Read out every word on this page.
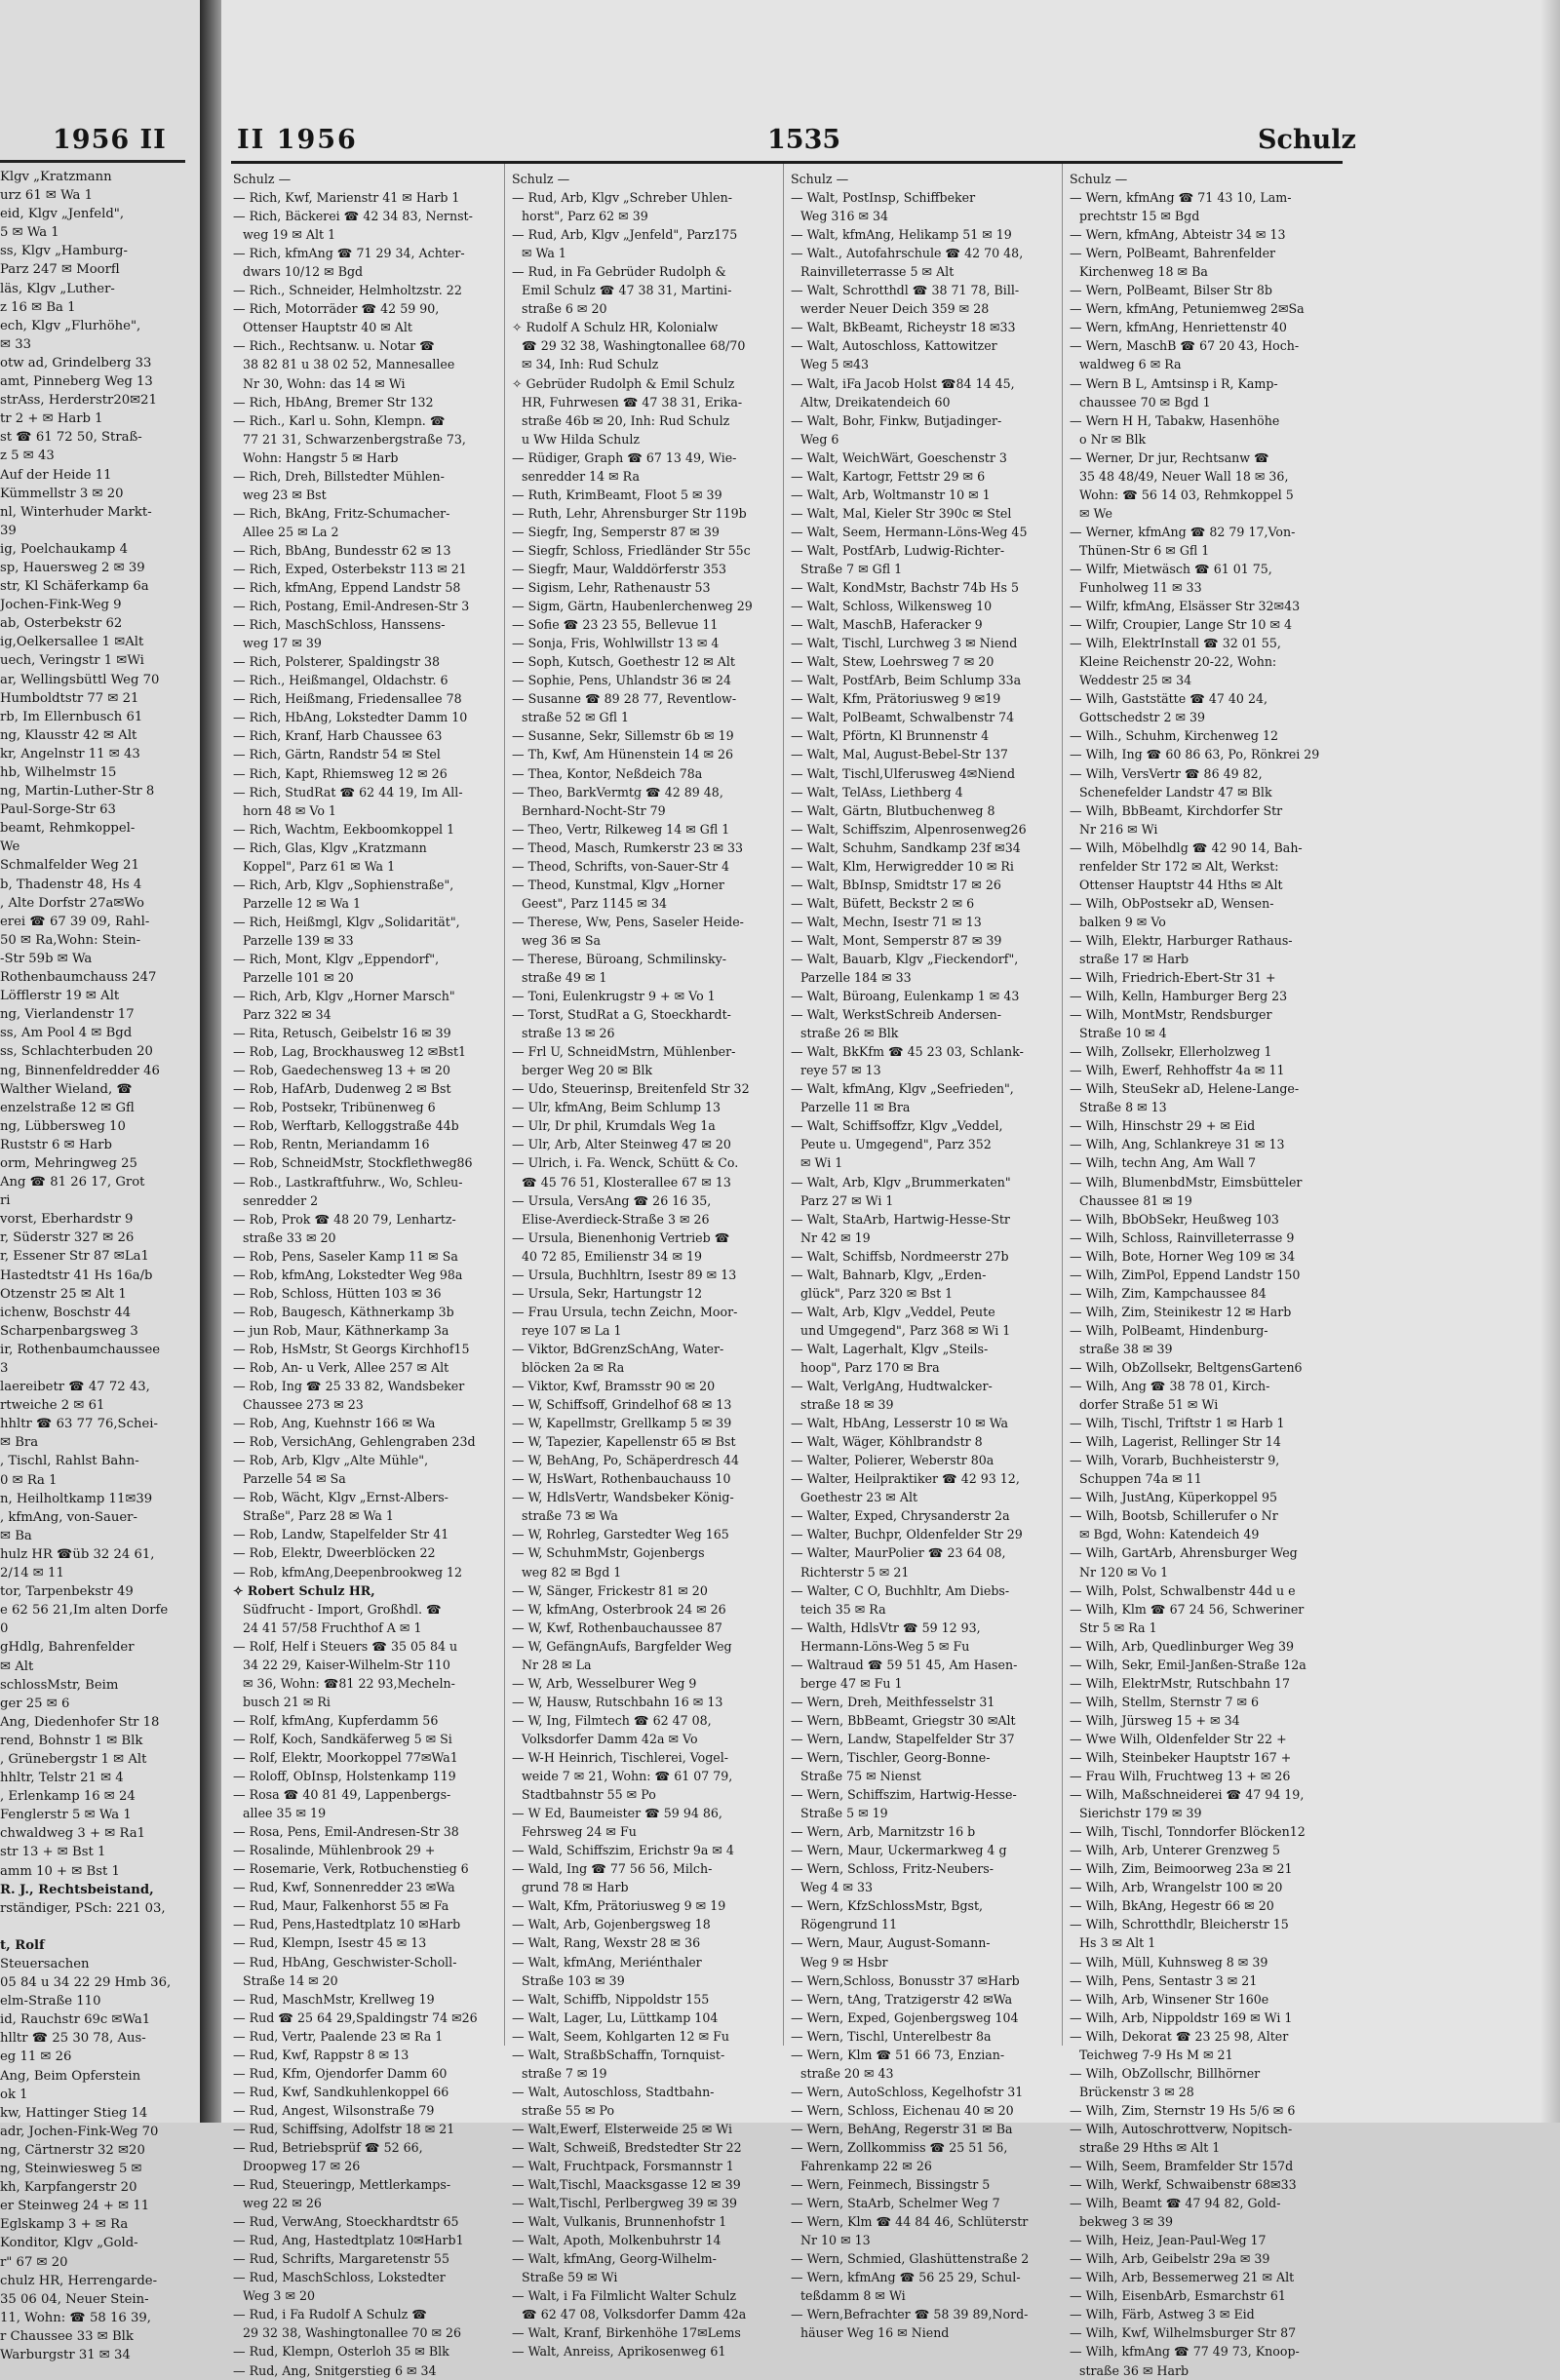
1956 II
Klgv „Kratzmann
urz 61 ✉ Wa 1
eid, Klgv „Jenfeld",
5 ✉ Wa 1
ss, Klgv „Hamburg-
Parz 247 ✉ Moorfl
läs, Klgv „Luther-
z 16 ✉ Ba 1
ech, Klgv „Flurhöhe",
✉ 33
otw ad, Grindelberg 33
amt, Pinneberg Weg 13
strAss, Herderstr20✉21
tr 2 + ✉ Harb 1
st ☎ 61 72 50, Straß-
z 5 ✉ 43
Auf der Heide 11
Kümmellstr 3 ✉ 20
nl, Winterhuder Markt-
39
ig, Poelchaukamp 4
sp, Hauersweg 2 ✉ 39
str, Kl Schäferkamp 6a
Jochen-Fink-Weg 9
ab, Osterbekstr 62
ig,Oelkersallee 1 ✉Alt
uech, Veringstr 1 ✉Wi
ar, Wellingsbüttl Weg 70
Humboldtstr 77 ✉ 21
rb, Im Ellernbusch 61
ng, Klausstr 42 ✉ Alt
kr, Angelnstr 11 ✉ 43
hb, Wilhelmstr 15
ng, Martin-Luther-Str 8
Paul-Sorge-Str 63
beamt, Rehmkoppel-
We
Schmalfelder Weg 21
b, Thadenstr 48, Hs 4
, Alte Dorfstr 27a✉Wo
erei ☎ 67 39 09, Rahl-
50 ✉ Ra,Wohn: Stein-
-Str 59b ✉ Wa
Rothenbaumchauss 247
Löfflerstr 19 ✉ Alt
ng, Vierlandenstr 17
ss, Am Pool 4 ✉ Bgd
ss, Schlachterbuden 20
ng, Binnenfeldredder 46
Walther Wieland, ☎
enzelstraße 12 ✉ Gfl
ng, Lübbersweg 10
Ruststr 6 ✉ Harb
orm, Mehringweg 25
Ang ☎ 81 26 17, Grot
ri
vorst, Eberhardstr 9
r, Süderstr 327 ✉ 26
r, Essener Str 87 ✉La1
Hastedtstr 41 Hs 16a/b
Otzenstr 25 ✉ Alt 1
ichenw, Boschstr 44
Scharpenbargsweg 3
ir, Rothenbaumchaussee
3
laereibetr ☎ 47 72 43,
rtweiche 2 ✉ 61
hhltr ☎ 63 77 76,Schei-
✉ Bra
, Tischl, Rahlst Bahn-
0 ✉ Ra 1
n, Heilholtkamp 11✉39
, kfmAng, von-Sauer-
✉ Ba
hulz HR ☎üb 32 24 61,
2/14 ✉ 11
tor, Tarpenbekstr 49
e 62 56 21,Im alten Dorfe
0
gHdlg, Bahrenfelder
✉ Alt
schlossMstr, Beim
ger 25 ✉ 6
Ang, Diedenhofer Str 18
rend, Bohnstr 1 ✉ Blk
, Grünebergstr 1 ✉ Alt
hhltr, Telstr 21 ✉ 4
, Erlenkamp 16 ✉ 24
Fenglerstr 5 ✉ Wa 1
chwaldweg 3 + ✉ Ra1
str 13 + ✉ Bst 1
amm 10 + ✉ Bst 1
R. J., Rechtsbeistand,
rständiger, PSch: 221 03,

t, Rolf
Steuersachen
05 84 u 34 22 29 Hmb 36,
elm-Straße 110
id, Rauchstr 69c ✉Wa1
hlltr ☎ 25 30 78, Aus-
eg 11 ✉ 26
Ang, Beim Opferstein
ok 1
kw, Hattinger Stieg 14
adr, Jochen-Fink-Weg 70
ng, Cärtnerstr 32 ✉20
ng, Steinwiesweg 5 ✉
kh, Karpfangerstr 20
er Steinweg 24 + ✉ 11
Eglskamp 3 + ✉ Ra
Konditor, Klgv „Gold-
r" 67 ✉ 20
chulz HR, Herrengarde-
35 06 04, Neuer Stein-
11, Wohn: ☎ 58 16 39,
r Chaussee 33 ✉ Blk
Warburgstr 31 ✉ 34
II 1956	1535	Schulz
Schulz —
— Rich, Kwf, Marienstr 41 ✉ Harb 1
— Rich, Bäckerei ☎ 42 34 83, Nernst-
weg 19 ✉ Alt 1
— Rich, kfmAng ☎ 71 29 34, Achter-
dwars 10/12 ✉ Bgd
— Rich., Schneider, Helmholtzstr. 22
— Rich, Motorräder ☎ 42 59 90,
Ottenser Hauptstr 40 ✉ Alt
— Rich., Rechtsanw. u. Notar ☎
38 82 81 u 38 02 52, Mannesallee
Nr 30, Wohn: das 14 ✉ Wi
— Rich, HbAng, Bremer Str 132
— Rich., Karl u. Sohn, Klempn. ☎
77 21 31, Schwarzenbergstraße 73,
Wohn: Hangstr 5 ✉ Harb
— Rich, Dreh, Billstedter Mühlen-
weg 23 ✉ Bst
— Rich, BkAng, Fritz-Schumacher-
Allee 25 ✉ La 2
— Rich, BbAng, Bundesstr 62 ✉ 13
— Rich, Exped, Osterbekstr 113 ✉ 21
— Rich, kfmAng, Eppend Landstr 58
— Rich, Postang, Emil-Andresen-Str 3
— Rich, MaschSchloss, Hanssens-
weg 17 ✉ 39
— Rich, Polsterer, Spaldingstr 38
— Rich., Heißmangel, Oldachstr. 6
— Rich, Heißmang, Friedensallee 78
— Rich, HbAng, Lokstedter Damm 10
— Rich, Kranf, Harb Chaussee 63
— Rich, Gärtn, Randstr 54 ✉ Stel
— Rich, Kapt, Rhiemsweg 12 ✉ 26
— Rich, StudRat ☎ 62 44 19, Im All-
horn 48 ✉ Vo 1
— Rich, Wachtm, Eekboomkoppel 1
— Rich, Glas, Klgv „Kratzmann
Koppel", Parz 61 ✉ Wa 1
— Rich, Arb, Klgv „Sophienstraße",
Parzelle 12 ✉ Wa 1
— Rich, Heißmgl, Klgv „Solidarität",
Parzelle 139 ✉ 33
— Rich, Mont, Klgv „Eppendorf",
Parzelle 101 ✉ 20
— Rich, Arb, Klgv „Horner Marsch"
Parz 322 ✉ 34
— Rita, Retusch, Geibelstr 16 ✉ 39
— Rob, Lag, Brockhausweg 12 ✉Bst1
— Rob, Gaedechensweg 13 + ✉ 20
— Rob, HafArb, Dudenweg 2 ✉ Bst
— Rob, Postsekr, Tribünenweg 6
— Rob, Werftarb, Kelloggstraße 44b
— Rob, Rentn, Meriandamm 16
— Rob, SchneidMstr, Stockflethweg86
— Rob., Lastkraftfuhrw., Wo, Schleu-
senredder 2
— Rob, Prok ☎ 48 20 79, Lenhartz-
straße 33 ✉ 20
— Rob, Pens, Saseler Kamp 11 ✉ Sa
— Rob, kfmAng, Lokstedter Weg 98a
— Rob, Schloss, Hütten 103 ✉ 36
— Rob, Baugesch, Käthnerkamp 3b
— jun Rob, Maur, Käthnerkamp 3a
— Rob, HsMstr, St Georgs Kirchhof15
— Rob, An- u Verk, Allee 257 ✉ Alt
— Rob, Ing ☎ 25 33 82, Wandsbeker
Chaussee 273 ✉ 23
— Rob, Ang, Kuehnstr 166 ✉ Wa
— Rob, VersichAng, Gehlengraben 23d
— Rob, Arb, Klgv „Alte Mühle",
Parzelle 54 ✉ Sa
— Rob, Wächt, Klgv „Ernst-Albers-
Straße", Parz 28 ✉ Wa 1
— Rob, Landw, Stapelfelder Str 41
— Rob, Elektr, Dweerblöcken 22
— Rob, kfmAng,Deepenbrookweg 12
✧ Robert Schulz HR,
Südfrucht - Import, Großhdl. ☎
24 41 57/58 Fruchthof A ✉ 1
— Rolf, Helf i Steuers ☎ 35 05 84 u
34 22 29, Kaiser-Wilhelm-Str 110
✉ 36, Wohn: ☎81 22 93,Mecheln-
busch 21 ✉ Ri
— Rolf, kfmAng, Kupferdamm 56
— Rolf, Koch, Sandkäferweg 5 ✉ Si
— Rolf, Elektr, Moorkoppel 77✉Wa1
— Roloff, ObInsp, Holstenkamp 119
— Rosa ☎ 40 81 49, Lappenbergs-
allee 35 ✉ 19
— Rosa, Pens, Emil-Andresen-Str 38
— Rosalinde, Mühlenbrook 29 +
— Rosemarie, Verk, Rotbuchenstieg 6
— Rud, Kwf, Sonnenredder 23 ✉Wa
— Rud, Maur, Falkenhorst 55 ✉ Fa
— Rud, Pens,Hastedtplatz 10 ✉Harb
— Rud, Klempn, Isestr 45 ✉ 13
— Rud, HbAng, Geschwister-Scholl-
Straße 14 ✉ 20
— Rud, MaschMstr, Krellweg 19
— Rud ☎ 25 64 29,Spaldingstr 74 ✉26
— Rud, Vertr, Paalende 23 ✉ Ra 1
— Rud, Kwf, Rappstr 8 ✉ 13
— Rud, Kfm, Ojendorfer Damm 60
— Rud, Kwf, Sandkuhlenkoppel 66
— Rud, Angest, Wilsonstraße 79
— Rud, Schiffsing, Adolfstr 18 ✉ 21
— Rud, Betriebsprüf ☎ 52 66,
Droopweg 17 ✉ 26
— Rud, Steueringp, Mettlerkamps-
weg 22 ✉ 26
— Rud, VerwAng, Stoeckhardtstr 65
— Rud, Ang, Hastedtplatz 10✉Harb1
— Rud, Schrifts, Margaretenstr 55
— Rud, MaschSchloss, Lokstedter
Weg 3 ✉ 20
— Rud, i Fa Rudolf A Schulz ☎
29 32 38, Washingtonallee 70 ✉ 26
— Rud, Klempn, Osterloh 35 ✉ Blk
— Rud, Ang, Snitgerstieg 6 ✉ 34
Schulz —
— Rud, Arb, Klgv „Schreber Uhlen-
horst", Parz 62 ✉ 39
— Rud, Arb, Klgv „Jenfeld", Parz175
✉ Wa 1
— Rud, in Fa Gebrüder Rudolph &
Emil Schulz ☎ 47 38 31, Martini-
straße 6 ✉ 20
✧ Rudolf A Schulz HR, Kolonialw
☎ 29 32 38, Washingtonallee 68/70
✉ 34, Inh: Rud Schulz
✧ Gebrüder Rudolph & Emil Schulz
HR, Fuhrwesen ☎ 47 38 31, Erika-
straße 46b ✉ 20, Inh: Rud Schulz
u Ww Hilda Schulz
— Rüdiger, Graph ☎ 67 13 49, Wie-
senredder 14 ✉ Ra
— Ruth, KrimBeamt, Floot 5 ✉ 39
— Ruth, Lehr, Ahrensburger Str 119b
— Siegfr, Ing, Semperstr 87 ✉ 39
— Siegfr, Schloss, Friedländer Str 55c
— Siegfr, Maur, Walddörferstr 353
— Sigism, Lehr, Rathenaustr 53
— Sigm, Gärtn, Haubenlerchenweg 29
— Sofie ☎ 23 23 55, Bellevue 11
— Sonja, Fris, Wohlwillstr 13 ✉ 4
— Soph, Kutsch, Goethestr 12 ✉ Alt
— Sophie, Pens, Uhlandstr 36 ✉ 24
— Susanne ☎ 89 28 77, Reventlow-
straße 52 ✉ Gfl 1
— Susanne, Sekr, Sillemstr 6b ✉ 19
— Th, Kwf, Am Hünenstein 14 ✉ 26
— Thea, Kontor, Neßdeich 78a
— Theo, BarkVermtg ☎ 42 89 48,
Bernhard-Nocht-Str 79
— Theo, Vertr, Rilkeweg 14 ✉ Gfl 1
— Theod, Masch, Rumkerstr 23 ✉ 33
— Theod, Schrifts, von-Sauer-Str 4
— Theod, Kunstmal, Klgv „Horner
Geest", Parz 1145 ✉ 34
— Therese, Ww, Pens, Saseler Heide-
weg 36 ✉ Sa
— Therese, Büroang, Schmilinsky-
straße 49 ✉ 1
— Toni, Eulenkrugstr 9 + ✉ Vo 1
— Torst, StudRat a G, Stoeckhardt-
straße 13 ✉ 26
— Frl U, SchneidMstrn, Mühlenber-
berger Weg 20 ✉ Blk
— Udo, Steuerinsp, Breitenfeld Str 32
— Ulr, kfmAng, Beim Schlump 13
— Ulr, Dr phil, Krumdals Weg 1a
— Ulr, Arb, Alter Steinweg 47 ✉ 20
— Ulrich, i. Fa. Wenck, Schütt & Co.
☎ 45 76 51, Klosterallee 67 ✉ 13
— Ursula, VersAng ☎ 26 16 35,
Elise-Averdieck-Straße 3 ✉ 26
— Ursula, Bienenhonig Vertrieb ☎
40 72 85, Emilienstr 34 ✉ 19
— Ursula, Buchhltrn, Isestr 89 ✉ 13
— Ursula, Sekr, Hartungstr 12
— Frau Ursula, techn Zeichn, Moor-
reye 107 ✉ La 1
— Viktor, BdGrenzSchAng, Water-
blöcken 2a ✉ Ra
— Viktor, Kwf, Bramsstr 90 ✉ 20
— W, Schiffsoff, Grindelhof 68 ✉ 13
— W, Kapellmstr, Grellkamp 5 ✉ 39
— W, Tapezier, Kapellenstr 65 ✉ Bst
— W, BehAng, Po, Schäperdresch 44
— W, HsWart, Rothenbauchauss 10
— W, HdlsVertr, Wandsbeker König-
straße 73 ✉ Wa
— W, Rohrleg, Garstedter Weg 165
— W, SchuhmMstr, Gojenbergs
weg 82 ✉ Bgd 1
— W, Sänger, Frickestr 81 ✉ 20
— W, kfmAng, Osterbrook 24 ✉ 26
— W, Kwf, Rothenbauchaussee 87
— W, GefängnAufs, Bargfelder Weg
Nr 28 ✉ La
— W, Arb, Wesselburer Weg 9
— W, Hausw, Rutschbahn 16 ✉ 13
— W, Ing, Filmtech ☎ 62 47 08,
Volksdorfer Damm 42a ✉ Vo
— W-H Heinrich, Tischlerei, Vogel-
weide 7 ✉ 21, Wohn: ☎ 61 07 79,
Stadtbahnstr 55 ✉ Po
— W Ed, Baumeister ☎ 59 94 86,
Fehrsweg 24 ✉ Fu
— Wald, Schiffszim, Erichstr 9a ✉ 4
— Wald, Ing ☎ 77 56 56, Milch-
grund 78 ✉ Harb
— Walt, Kfm, Prätoriusweg 9 ✉ 19
— Walt, Arb, Gojenbergsweg 18
— Walt, Rang, Wexstr 28 ✉ 36
— Walt, kfmAng, Meriénthaler
Straße 103 ✉ 39
— Walt, Schiffb, Nippoldstr 155
— Walt, Lager, Lu, Lüttkamp 104
— Walt, Seem, Kohlgarten 12 ✉ Fu
— Walt, StraßbSchaffn, Tornquist-
straße 7 ✉ 19
— Walt, Autoschloss, Stadtbahn-
straße 55 ✉ Po
— Walt,Ewerf, Elsterweide 25 ✉ Wi
— Walt, Schweiß, Bredstedter Str 22
— Walt, Fruchtpack, Forsmannstr 1
— Walt,Tischl, Maacksgasse 12 ✉ 39
— Walt,Tischl, Perlbergweg 39 ✉ 39
— Walt, Vulkanis, Brunnenhofstr 1
— Walt, Apoth, Molkenbuhrstr 14
— Walt, kfmAng, Georg-Wilhelm-
Straße 59 ✉ Wi
— Walt, i Fa Filmlicht Walter Schulz
☎ 62 47 08, Volksdorfer Damm 42a
— Walt, Kranf, Birkenhöhe 17✉Lems
— Walt, Anreiss, Aprikosenweg 61
Schulz —
— Walt, PostInsp, Schiffbeker
Weg 316 ✉ 34
— Walt, kfmAng, Helikamp 51 ✉ 19
— Walt., Autofahrschule ☎ 42 70 48,
Rainvilleterrasse 5 ✉ Alt
— Walt, Schrotthdl ☎ 38 71 78, Bill-
werder Neuer Deich 359 ✉ 28
— Walt, BkBeamt, Richeystr 18 ✉33
— Walt, Autoschloss, Kattowitzer
Weg 5 ✉43
— Walt, iFa Jacob Holst ☎84 14 45,
Altw, Dreikatendeich 60
— Walt, Bohr, Finkw, Butjadinger-
Weg 6
— Walt, WeichWärt, Goeschenstr 3
— Walt, Kartogr, Fettstr 29 ✉ 6
— Walt, Arb, Woltmanstr 10 ✉ 1
— Walt, Mal, Kieler Str 390c ✉ Stel
— Walt, Seem, Hermann-Löns-Weg 45
— Walt, PostfArb, Ludwig-Richter-
Straße 7 ✉ Gfl 1
— Walt, KondMstr, Bachstr 74b Hs 5
— Walt, Schloss, Wilkensweg 10
— Walt, MaschB, Haferacker 9
— Walt, Tischl, Lurchweg 3 ✉ Niend
— Walt, Stew, Loehrsweg 7 ✉ 20
— Walt, PostfArb, Beim Schlump 33a
— Walt, Kfm, Prätoriusweg 9 ✉19
— Walt, PolBeamt, Schwalbenstr 74
— Walt, Pförtn, Kl Brunnenstr 4
— Walt, Mal, August-Bebel-Str 137
— Walt, Tischl,Ulferusweg 4✉Niend
— Walt, TelAss, Liethberg 4
— Walt, Gärtn, Blutbuchenweg 8
— Walt, Schiffszim, Alpenrosenweg26
— Walt, Schuhm, Sandkamp 23f ✉34
— Walt, Klm, Herwigredder 10 ✉ Ri
— Walt, BbInsp, Smidtstr 17 ✉ 26
— Walt, Büfett, Beckstr 2 ✉ 6
— Walt, Mechn, Isestr 71 ✉ 13
— Walt, Mont, Semperstr 87 ✉ 39
— Walt, Bauarb, Klgv „Fieckendorf",
Parzelle 184 ✉ 33
— Walt, Büroang, Eulenkamp 1 ✉ 43
— Walt, WerkstSchreib Andersen-
straße 26 ✉ Blk
— Walt, BkKfm ☎ 45 23 03, Schlank-
reye 57 ✉ 13
— Walt, kfmAng, Klgv „Seefrieden",
Parzelle 11 ✉ Bra
— Walt, Schiffsoffzr, Klgv „Veddel,
Peute u. Umgegend", Parz 352
✉ Wi 1
— Walt, Arb, Klgv „Brummerkaten"
Parz 27 ✉ Wi 1
— Walt, StaArb, Hartwig-Hesse-Str
Nr 42 ✉ 19
— Walt, Schiffsb, Nordmeerstr 27b
— Walt, Bahnarb, Klgv, „Erden-
glück", Parz 320 ✉ Bst 1
— Walt, Arb, Klgv „Veddel, Peute
und Umgegend", Parz 368 ✉ Wi 1
— Walt, Lagerhalt, Klgv „Steils-
hoop", Parz 170 ✉ Bra
— Walt, VerlgAng, Hudtwalcker-
straße 18 ✉ 39
— Walt, HbAng, Lesserstr 10 ✉ Wa
— Walt, Wäger, Köhlbrandstr 8
— Walter, Polierer, Weberstr 80a
— Walter, Heilpraktiker ☎ 42 93 12,
Goethestr 23 ✉ Alt
— Walter, Exped, Chrysanderstr 2a
— Walter, Buchpr, Oldenfelder Str 29
— Walter, MaurPolier ☎ 23 64 08,
Richterstr 5 ✉ 21
— Walter, C O, Buchhltr, Am Diebs-
teich 35 ✉ Ra
— Walth, HdlsVtr ☎ 59 12 93,
Hermann-Löns-Weg 5 ✉ Fu
— Waltraud ☎ 59 51 45, Am Hasen-
berge 47 ✉ Fu 1
— Wern, Dreh, Meithfesselstr 31
— Wern, BbBeamt, Griegstr 30 ✉Alt
— Wern, Landw, Stapelfelder Str 37
— Wern, Tischler, Georg-Bonne-
Straße 75 ✉ Nienst
— Wern, Schiffszim, Hartwig-Hesse-
Straße 5 ✉ 19
— Wern, Arb, Marnitzstr 16 b
— Wern, Maur, Uckermarkweg 4 g
— Wern, Schloss, Fritz-Neubers-
Weg 4 ✉ 33
— Wern, KfzSchlossMstr, Bgst,
Rögengrund 11
— Wern, Maur, August-Somann-
Weg 9 ✉ Hsbr
— Wern,Schloss, Bonusstr 37 ✉Harb
— Wern, tAng, Tratzigerstr 42 ✉Wa
— Wern, Exped, Gojenbergsweg 104
— Wern, Tischl, Unterelbestr 8a
— Wern, Klm ☎ 51 66 73, Enzian-
straße 20 ✉ 43
— Wern, AutoSchloss, Kegelhofstr 31
— Wern, Schloss, Eichenau 40 ✉ 20
— Wern, BehAng, Regerstr 31 ✉ Ba
— Wern, Zollkommiss ☎ 25 51 56,
Fahrenkamp 22 ✉ 26
— Wern, Feinmech, Bissingstr 5
— Wern, StaArb, Schelmer Weg 7
— Wern, Klm ☎ 44 84 46, Schlüterstr
Nr 10 ✉ 13
— Wern, Schmied, Glashüttenstraße 2
— Wern, kfmAng ☎ 56 25 29, Schul-
teßdamm 8 ✉ Wi
— Wern,Befrachter ☎ 58 39 89,Nord-
häuser Weg 16 ✉ Niend
Schulz —
— Wern, kfmAng ☎ 71 43 10, Lam-
prechtstr 15 ✉ Bgd
— Wern, kfmAng, Abteistr 34 ✉ 13
— Wern, PolBeamt, Bahrenfelder
Kirchenweg 18 ✉ Ba
— Wern, PolBeamt, Bilser Str 8b
— Wern, kfmAng, Petuniemweg 2✉Sa
— Wern, kfmAng, Henriettenstr 40
— Wern, MaschB ☎ 67 20 43, Hoch-
waldweg 6 ✉ Ra
— Wern B L, Amtsinsp i R, Kamp-
chaussee 70 ✉ Bgd 1
— Wern H H, Tabakw, Hasenhöhe
o Nr ✉ Blk
— Werner, Dr jur, Rechtsanw ☎
35 48 48/49, Neuer Wall 18 ✉ 36,
Wohn: ☎ 56 14 03, Rehmkoppel 5
✉ We
— Werner, kfmAng ☎ 82 79 17,Von-
Thünen-Str 6 ✉ Gfl 1
— Wilfr, Mietwäsch ☎ 61 01 75,
Funholweg 11 ✉ 33
— Wilfr, kfmAng, Elsässer Str 32✉43
— Wilfr, Croupier, Lange Str 10 ✉ 4
— Wilh, ElektrInstall ☎ 32 01 55,
Kleine Reichenstr 20-22, Wohn:
Weddestr 25 ✉ 34
— Wilh, Gaststätte ☎ 47 40 24,
Gottschedstr 2 ✉ 39
— Wilh., Schuhm, Kirchenweg 12
— Wilh, Ing ☎ 60 86 63, Po, Rönkrei 29
— Wilh, VersVertr ☎ 86 49 82,
Schenefelder Landstr 47 ✉ Blk
— Wilh, BbBeamt, Kirchdorfer Str
Nr 216 ✉ Wi
— Wilh, Möbelhdlg ☎ 42 90 14, Bah-
renfelder Str 172 ✉ Alt, Werkst:
Ottenser Hauptstr 44 Hths ✉ Alt
— Wilh, ObPostsekr aD, Wensen-
balken 9 ✉ Vo
— Wilh, Elektr, Harburger Rathaus-
straße 17 ✉ Harb
— Wilh, Friedrich-Ebert-Str 31 +
— Wilh, Kelln, Hamburger Berg 23
— Wilh, MontMstr, Rendsburger
Straße 10 ✉ 4
— Wilh, Zollsekr, Ellerholzweg 1
— Wilh, Ewerf, Rehhoffstr 4a ✉ 11
— Wilh, SteuSekr aD, Helene-Lange-
Straße 8 ✉ 13
— Wilh, Hinschstr 29 + ✉ Eid
— Wilh, Ang, Schlankreye 31 ✉ 13
— Wilh, techn Ang, Am Wall 7
— Wilh, BlumenbdMstr, Eimsbütteler
Chaussee 81 ✉ 19
— Wilh, BbObSekr, Heußweg 103
— Wilh, Schloss, Rainvilleterrasse 9
— Wilh, Bote, Horner Weg 109 ✉ 34
— Wilh, ZimPol, Eppend Landstr 150
— Wilh, Zim, Kampchaussee 84
— Wilh, Zim, Steinikestr 12 ✉ Harb
— Wilh, PolBeamt, Hindenburg-
straße 38 ✉ 39
— Wilh, ObZollsekr, BeltgensGarten6
— Wilh, Ang ☎ 38 78 01, Kirch-
dorfer Straße 51 ✉ Wi
— Wilh, Tischl, Triftstr 1 ✉ Harb 1
— Wilh, Lagerist, Rellinger Str 14
— Wilh, Vorarb, Buchheisterstr 9,
Schuppen 74a ✉ 11
— Wilh, JustAng, Küperkoppel 95
— Wilh, Bootsb, Schillerufer o Nr
✉ Bgd, Wohn: Katendeich 49
— Wilh, GartArb, Ahrensburger Weg
Nr 120 ✉ Vo 1
— Wilh, Polst, Schwalbenstr 44d u e
— Wilh, Klm ☎ 67 24 56, Schweriner
Str 5 ✉ Ra 1
— Wilh, Arb, Quedlinburger Weg 39
— Wilh, Sekr, Emil-Janßen-Straße 12a
— Wilh, ElektrMstr, Rutschbahn 17
— Wilh, Stellm, Sternstr 7 ✉ 6
— Wilh, Jürsweg 15 + ✉ 34
— Wwe Wilh, Oldenfelder Str 22 +
— Wilh, Steinbeker Hauptstr 167 +
— Frau Wilh, Fruchtweg 13 + ✉ 26
— Wilh, Maßschneiderei ☎ 47 94 19,
Sierichstr 179 ✉ 39
— Wilh, Tischl, Tonndorfer Blöcken12
— Wilh, Arb, Unterer Grenzweg 5
— Wilh, Zim, Beimoorweg 23a ✉ 21
— Wilh, Arb, Wrangelstr 100 ✉ 20
— Wilh, BkAng, Hegestr 66 ✉ 20
— Wilh, Schrotthdlr, Bleicherstr 15
Hs 3 ✉ Alt 1
— Wilh, Müll, Kuhnsweg 8 ✉ 39
— Wilh, Pens, Sentastr 3 ✉ 21
— Wilh, Arb, Winsener Str 160e
— Wilh, Arb, Nippoldstr 169 ✉ Wi 1
— Wilh, Dekorat ☎ 23 25 98, Alter
Teichweg 7-9 Hs M ✉ 21
— Wilh, ObZollschr, Billhörner
Brückenstr 3 ✉ 28
— Wilh, Zim, Sternstr 19 Hs 5/6 ✉ 6
— Wilh, Autoschrottverw, Nopitsch-
straße 29 Hths ✉ Alt 1
— Wilh, Seem, Bramfelder Str 157d
— Wilh, Werkf, Schwaibenstr 68✉33
— Wilh, Beamt ☎ 47 94 82, Gold-
bekweg 3 ✉ 39
— Wilh, Heiz, Jean-Paul-Weg 17
— Wilh, Arb, Geibelstr 29a ✉ 39
— Wilh, Arb, Bessemerweg 21 ✉ Alt
— Wilh, EisenbArb, Esmarchstr 61
— Wilh, Färb, Astweg 3 ✉ Eid
— Wilh, Kwf, Wilhelmsburger Str 87
— Wilh, kfmAng ☎ 77 49 73, Knoop-
straße 36 ✉ Harb
